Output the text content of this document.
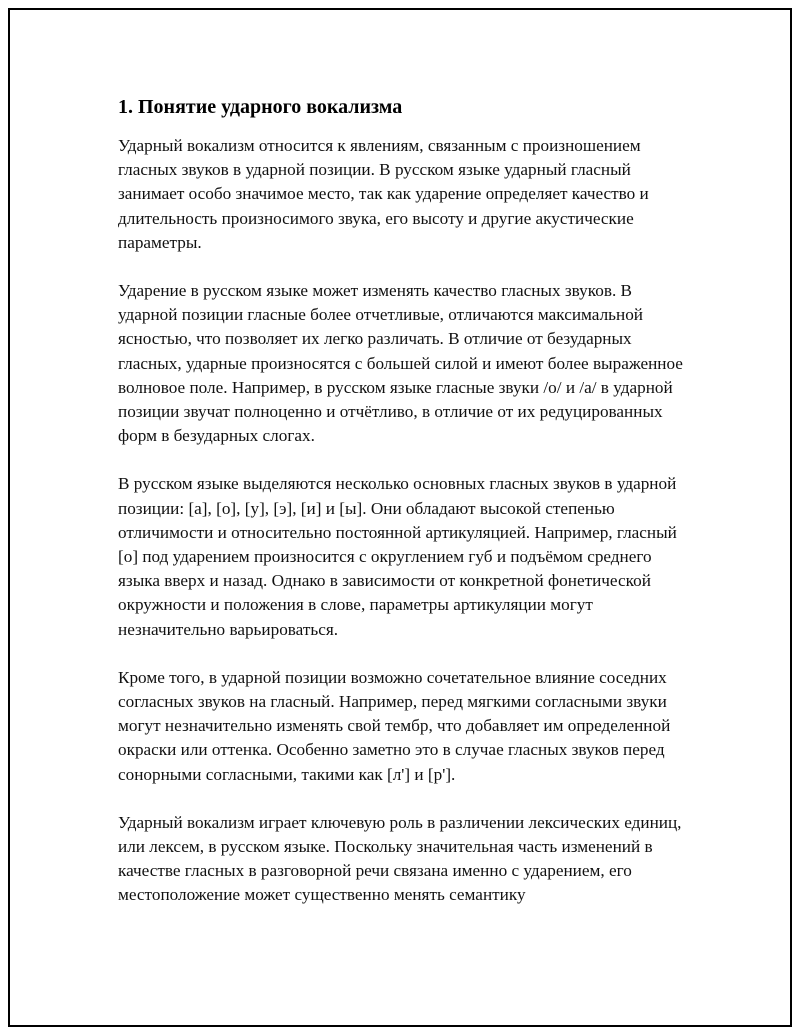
1. Понятие ударного вокализма

Ударный вокализм относится к явлениям, связанным с произношением гласных звуков в ударной позиции. В русском языке ударный гласный занимает особо значимое место, так как ударение определяет качество и длительность произносимого звука, его высоту и другие акустические параметры.

Ударение в русском языке может изменять качество гласных звуков. В ударной позиции гласные более отчетливые, отличаются максимальной ясностью, что позволяет их легко различать. В отличие от безударных гласных, ударные произносятся с большей силой и имеют более выраженное волновое поле. Например, в русском языке гласные звуки /о/ и /а/ в ударной позиции звучат полноценно и отчётливо, в отличие от их редуцированных форм в безударных слогах.

В русском языке выделяются несколько основных гласных звуков в ударной позиции: [а], [о], [у], [э], [и] и [ы]. Они обладают высокой степенью отличимости и относительно постоянной артикуляцией. Например, гласный [о] под ударением произносится с округлением губ и подъёмом среднего языка вверх и назад. Однако в зависимости от конкретной фонетической окружности и положения в слове, параметры артикуляции могут незначительно варьироваться.

Кроме того, в ударной позиции возможно сочетательное влияние соседних согласных звуков на гласный. Например, перед мягкими согласными звуки могут незначительно изменять свой тембр, что добавляет им определенной окраски или оттенка. Особенно заметно это в случае гласных звуков перед сонорными согласными, такими как [л'] и [р'].

Ударный вокализм играет ключевую роль в различении лексических единиц, или лексем, в русском языке. Поскольку значительная часть изменений в качестве гласных в разговорной речи связана именно с ударением, его местоположение может существенно менять семантику
